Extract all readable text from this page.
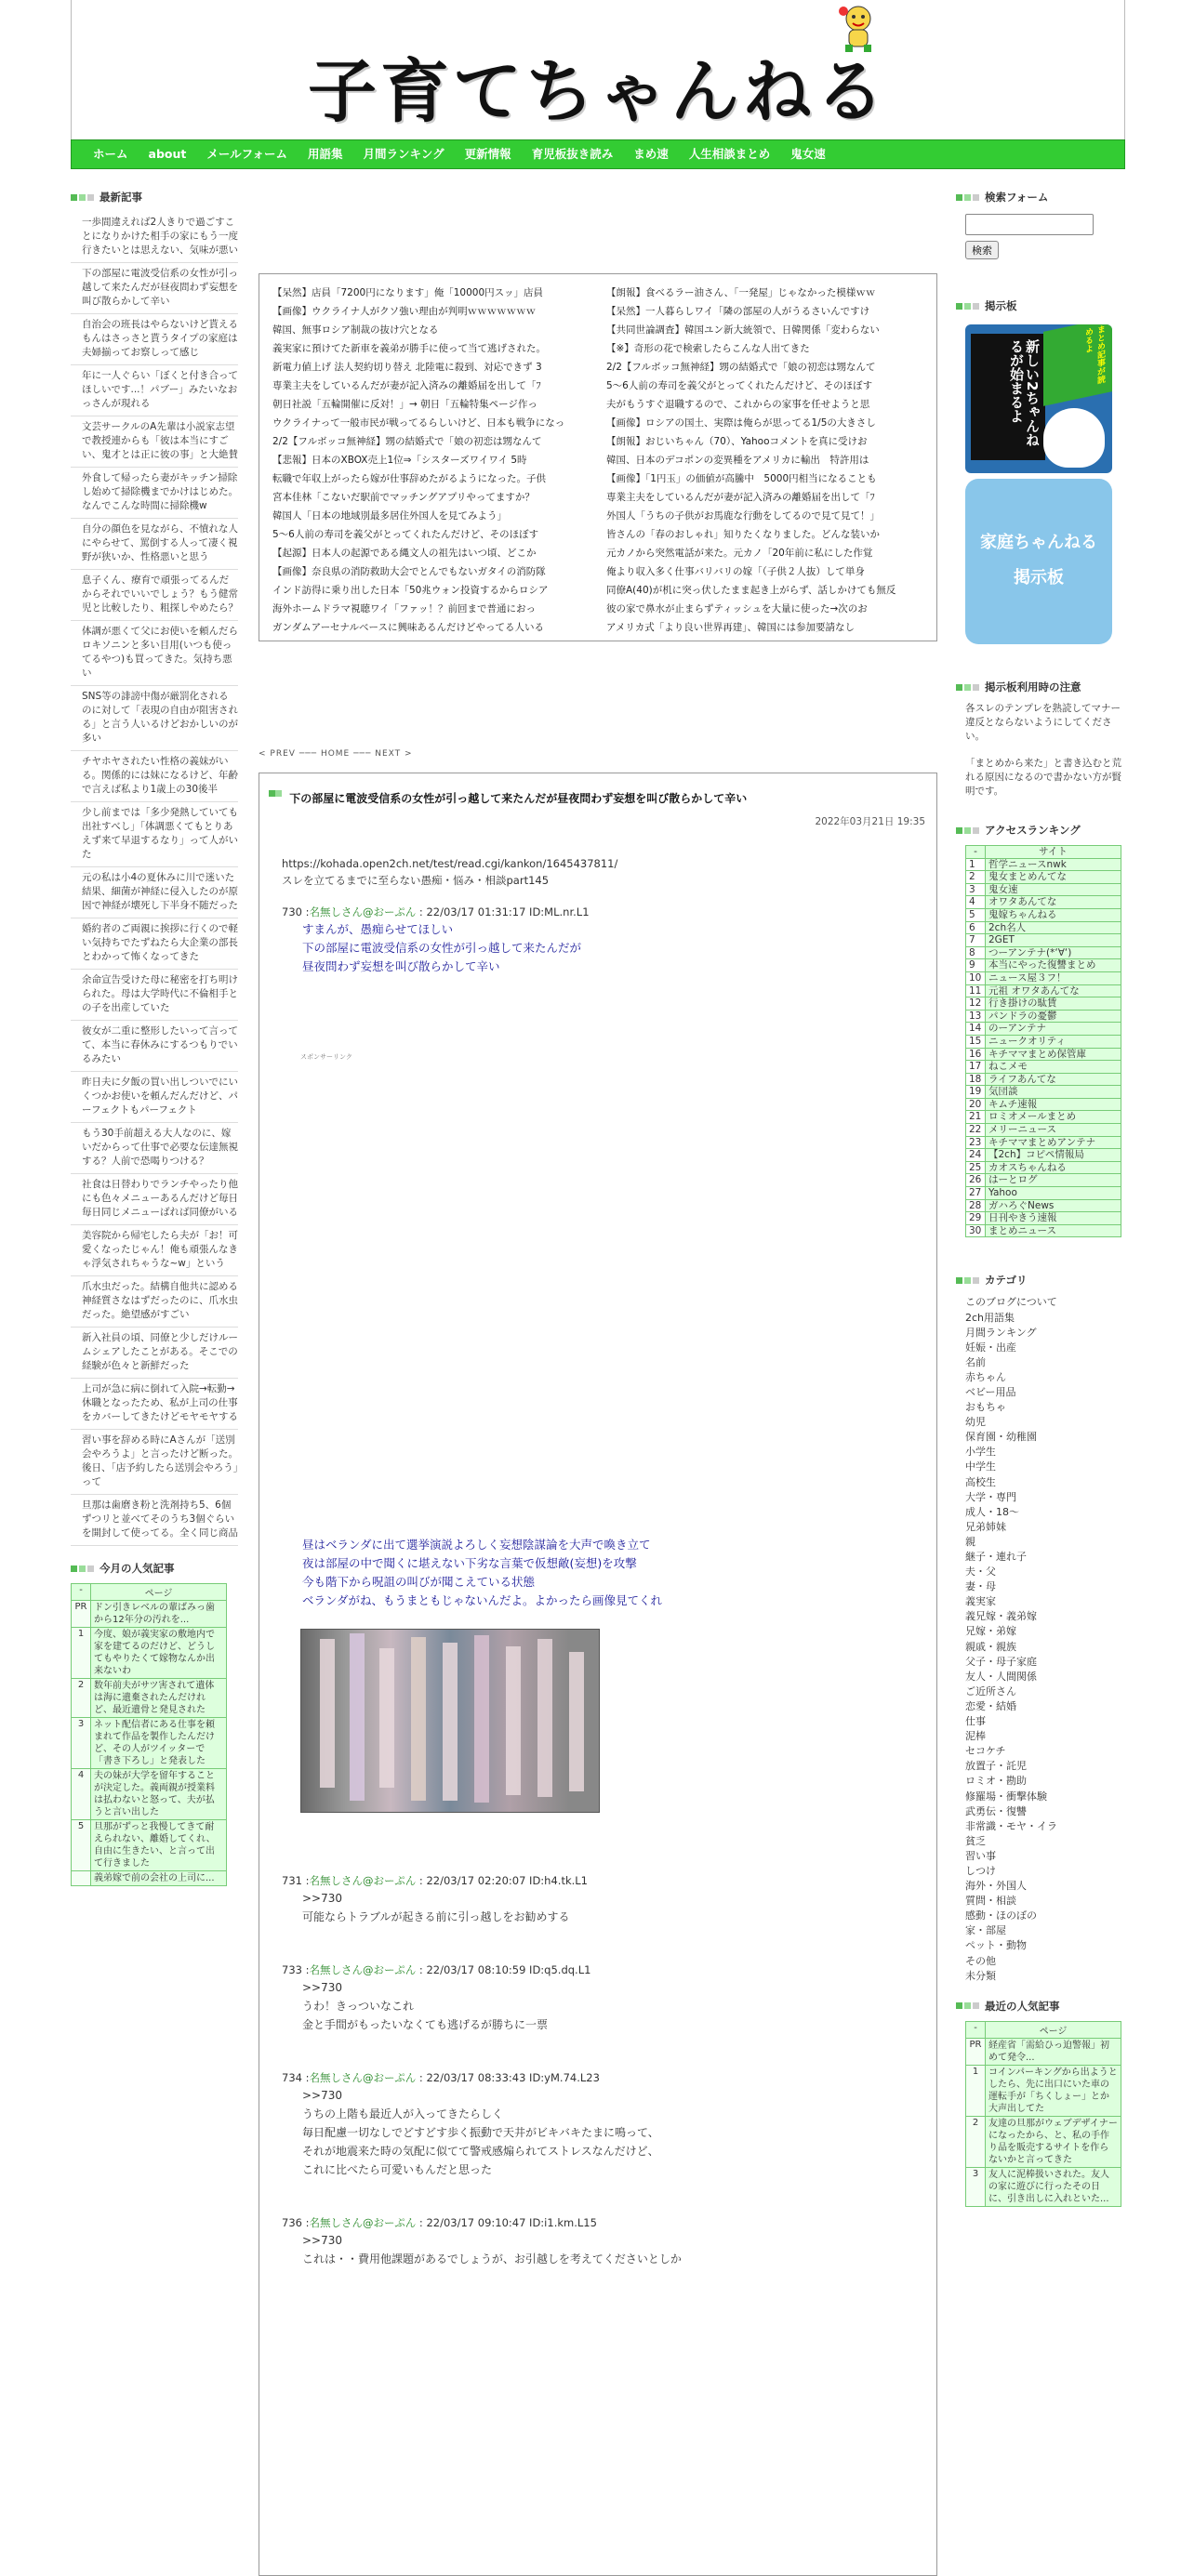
子育てちゃんねる
ホーム	about	メールフォーム	用語集	月間ランキング	更新情報	育児板抜き読み	まめ速	人生相談まとめ	鬼女速
最新記事
一歩間違えれば2人きりで過ごすことになりかけた相手の家にもう一度行きたいとは思えない、気味が悪い
下の部屋に電波受信系の女性が引っ越して来たんだが昼夜問わず妄想を叫び散らかして辛い
自治会の班長はやらないけど貰えるもんはさっさと貰うタイプの家庭は夫婦揃ってお察しって感じ
年に一人ぐらい「ぼくと付き合ってほしいです...！パブー」みたいなおっさんが現れる
文芸サークルのA先輩は小説家志望で教授連からも「彼は本当にすごい、鬼才とは正に彼の事」と大絶賛
外食して帰ったら妻がキッチン掃除し始めて掃除機までかけはじめた。なんでこんな時間に掃除機w
自分の顔色を見ながら、不憤れな人にやらせて、罵倒する人って凄く視野が狭いか、性格悪いと思う
息子くん、療育で頑張ってるんだからそれでいいでしょう？もう健常児と比較したり、粗探しやめたら？
体調が悪くて父にお使いを頼んだらロキソニンと多い目用(いつも使ってるやつ)も買ってきた。気持ち悪い
SNS等の誹謗中傷が厳罰化されるのに対して「表現の自由が阻害される」と言う人いるけどおかしいのが多い
チヤホヤされたい性格の義妹がいる。関係的には妹になるけど、年齢で言えば私より1歳上の30後半
少し前までは「多少発熱していても出社すべし」「体調悪くてもとりあえず来て早退するなり」って人がいた
元の私は小4の夏休みに川で迷いた結果、細菌が神経に侵入したのが原因で神経が壊死し下半身不随だった
婚約者のご両親に挨拶に行くので軽い気持ちでたずねたら大企業の部長とわかって怖くなってきた
余命宣告受けた母に秘密を打ち明けられた。母は大学時代に不倫相手との子を出産していた
彼女が二重に整形したいって言ってて、本当に春休みにするつもりでいるみたい
昨日夫に夕飯の買い出しついでにいくつかお使いを頼んだんだけど、パーフェクトもパーフェクト
もう30手前超える大人なのに、嫁いだからって仕事で必要な伝達無視する？人前で恐喝りつける？
社食は日替わりでランチやったり他にも色々メニューあるんだけど毎日毎日同じメニューばれば同僚がいる
美容院から帰宅したら夫が「お！可愛くなったじゃん！俺も頑張んなきゃ浮気されちゃうな~w」という
爪水虫だった。結構自他共に認める神経質さなはずだったのに、爪水虫だった。絶望感がすごい
新入社員の頃、同僚と少しだけルームシェアしたことがある。そこでの経験が色々と新鮮だった
上司が急に病に倒れて入院→転勤→休職となったため、私が上司の仕事をカバーしてきたけどモヤモヤする
習い事を辞める時にAさんが「送別会やろうよ」と言ったけど断った。後日、「店予約したら送別会やろう」って
旦那は歯磨き粉と洗剤持ち5、6個ずつリと並べてそのうち3個ぐらいを開封して使ってる。全く同じ商品
今月の人気記事
-	ページ
PR	ドン引きレベルの輩ばみっ歯から12年分の汚れを...
1	今度、娘が義実家の敷地内で家を建てるのだけど、どうしてもやりたくて嫁物なんか出来ないわ
2	数年前夫がサツ害されて遺体は海に遺棄されたんだけれど、最近遺骨と発見された
3	ネット配信者にある仕事を頼まれて作品を製作したんだけど、その人がツイッターで「書き下ろし」と発表した
4	夫の妹が大学を留年することが決定した。義両親が授業料は払わないと怒って、夫が払うと言い出した
5	旦那がずっと我慢してきて耐えられない、離婚してくれ、自由に生きたい、と言って出て行きました
	義弟嫁で前の会社の上司に...
【呆然】店員「7200円になります」俺「10000円スッ」店員
【画像】ウクライナ人がクソ強い理由が判明ｗｗｗｗｗｗｗ
韓国、無事ロシア制裁の抜け穴となる
義実家に預けてた新車を義弟が勝手に使って当て逃げされた。
新電力値上げ 法人契約切り替え 北陸電に殺到、対応できず 3
専業主夫をしているんだが妻が記入済みの離婚届を出して「ﾌ
朝日社説「五輪開催に反対！」→ 朝日「五輪特集ページ作っ
ウクライナって一般市民が戦ってるらしいけど、日本も戦争になっ
2/2【フルボッコ無神経】甥の結婚式で「娘の初恋は甥なんて
【悲報】日本のXBOX売上1位⇒「シスターズワイワイ 5時
転職で年収上がったら嫁が仕事辞めたがるようになった。子供
宮本佳林「こないだ駅前でマッチングアプリやってますか？
韓国人「日本の地域別最多居住外国人を見てみよう」
5～6人前の寿司を義父がとってくれたんだけど、そのほぼす
【起源】日本人の起源である縄文人の祖先はいつ頃、どこか
【画像】奈良県の消防救助大会でとんでもないガタイの消防隊
インド訪得に乗り出した日本「50兆ウォン投資するからロシア
海外ホームドラマ視聴ワイ「ファッ！？前回まで普通におっ
ガンダムアーセナルベースに興味あるんだけどやってる人いる
【朗報】食べるラー油さん、「一発屋」じゃなかった模様ｗｗ
【呆然】一人暮らしワイ「隣の部屋の人がうるさいんですけ
【共同世論調査】韓国ユン新大統領で、日韓関係「変わらない
【※】奇形の花で検索したらこんな人出てきた
2/2【フルボッコ無神経】甥の結婚式で「娘の初恋は甥なんて
5～6人前の寿司を義父がとってくれたんだけど、そのほぼす
夫がもうすぐ退職するので、これからの家事を任せようと思
【画像】ロシアの国土、実際は俺らが思ってる1/5の大きさし
【朗報】おじいちゃん（70）、Yahooコメントを真に受けお
韓国、日本のデコポンの変異種をアメリカに輸出　特許用は
【画像】「1円玉」の価値が高騰中　5000円相当になることも
専業主夫をしているんだが妻が記入済みの離婚届を出して「ﾌ
外国人「うちの子供がお馬鹿な行動をしてるので見て見て！」
皆さんの「春のおしゃれ」知りたくなりました。どんな装いか
元カノから突然電話が来た。元カノ「20年前に私にした作覚
俺より収入多く仕事バリバリの嫁「（子供２人抜）して単身
同僚A(40)が机に突っ伏したまま起き上がらず、話しかけても無反
彼の家で鼻水が止まらずティッシュを大量に使った→次のお
アメリカ式「より良い世界再建」、韓国には参加要請なし
< PREV ─── HOME ─── NEXT >
下の部屋に電波受信系の女性が引っ越して来たんだが昼夜問わず妄想を叫び散らかして辛い
2022年03月21日 19:35
https://kohada.open2ch.net/test/read.cgi/kankon/1645437811/
スレを立てるまでに至らない愚痴・悩み・相談part145
730 :名無しさん@おーぷん : 22/03/17 01:31:17 ID:ML.nr.L1
すまんが、愚痴らせてほしい
下の部屋に電波受信系の女性が引っ越して来たんだが
昼夜問わず妄想を叫び散らかして辛い
スポンサーリンク
昼はベランダに出て選挙演説よろしく妄想陰謀論を大声で喚き立て
夜は部屋の中で聞くに堪えない下劣な言葉で仮想敵(妄想)を攻撃
今も階下から呪詛の叫びが聞こえている状態
ベランダがね、もうまともじゃないんだよ。よかったら画像見てくれ
731 :名無しさん@おーぷん : 22/03/17 02:20:07 ID:h4.tk.L1
>>730
可能ならトラブルが起きる前に引っ越しをお勧めする
733 :名無しさん@おーぷん : 22/03/17 08:10:59 ID:q5.dq.L1
>>730
うわ！きっついなこれ
金と手間がもったいなくても逃げるが勝ちに一票
734 :名無しさん@おーぷん : 22/03/17 08:33:43 ID:yM.74.L23
>>730
うちの上階も最近人が入ってきたらしく
毎日配慮一切なしでどすどす歩く振動で天井がビキバキたまに鳴って、
それが地震来た時の気配に似てて警戒感煽られてストレスなんだけど、
これに比べたら可愛いもんだと思った
736 :名無しさん@おーぷん : 22/03/17 09:10:47 ID:i1.km.L15
>>730
これは・・費用他課題があるでしょうが、お引越しを考えてくださいとしか
検索フォーム

検索
掲示板
新しい2ちゃんねるが始まるよ	まとめ記事が読めるよ
家庭ちゃんねる
掲示板
掲示板利用時の注意
各スレのテンプレを熟読してマナー違反とならないようにしてください。
「まとめから来た」と書き込むと荒れる原因になるので書かない方が賢明です。
アクセスランキング
-	サイト
1	哲学ニュースnwk
2	鬼女まとめんてな
3	鬼女速
4	オワタあんてな
5	鬼嫁ちゃんねる
6	2ch名人
7	2GET
8	つーアンテナ(*‘∀‘)
9	本当にやった復讐まとめ
10	ニュース屋３フ！
11	元祖 オワタあんてな
12	行き掛けの駄賃
13	パンドラの憂鬱
14	のーアンテナ
15	ニュークオリティ
16	キチママまとめ保管庫
17	ねこメモ
18	ライフあんてな
19	気団談
20	キムチ速報
21	ロミオメールまとめ
22	メリーニュース
23	キチママまとめアンテナ
24	【2ch】コピペ情報局
25	カオスちゃんねる
26	はーとログ
27	Yahoo
28	ガハろぐNews
29	日刊やきう速報
30	まとめニュース
カテゴリ
このブログについて
2ch用語集
月間ランキング
妊娠・出産
名前
赤ちゃん
ベビー用品
おもちゃ
幼児
保育園・幼稚園
小学生
中学生
高校生
大学・専門
成人・18～
兄弟姉妹
親
継子・連れ子
夫・父
妻・母
義実家
義兄嫁・義弟嫁
兄嫁・弟嫁
親戚・親族
父子・母子家庭
友人・人間関係
ご近所さん
恋愛・結婚
仕事
泥棒
セコケチ
放置子・託児
ロミオ・勘助
修羅場・衝撃体験
武勇伝・復讐
非常識・モヤ・イラ
貧乏
習い事
しつけ
海外・外国人
質問・相談
感動・ほのぼの
家・部屋
ペット・動物
その他
未分類
最近の人気記事
-	ページ
PR	経産省「需給ひっ迫警報」初めて発令...
1	コインパーキングから出ようとしたら、先に出口にいた車の運転手が「ちくしょー」とか大声出してた
2	友達の旦那がウェブデザイナーになったから、と、私の手作り品を販売するサイトを作らないかと言ってきた
3	友人に泥棒扱いされた。友人の家に遊びに行ったその日に、引き出しに入れといた...
